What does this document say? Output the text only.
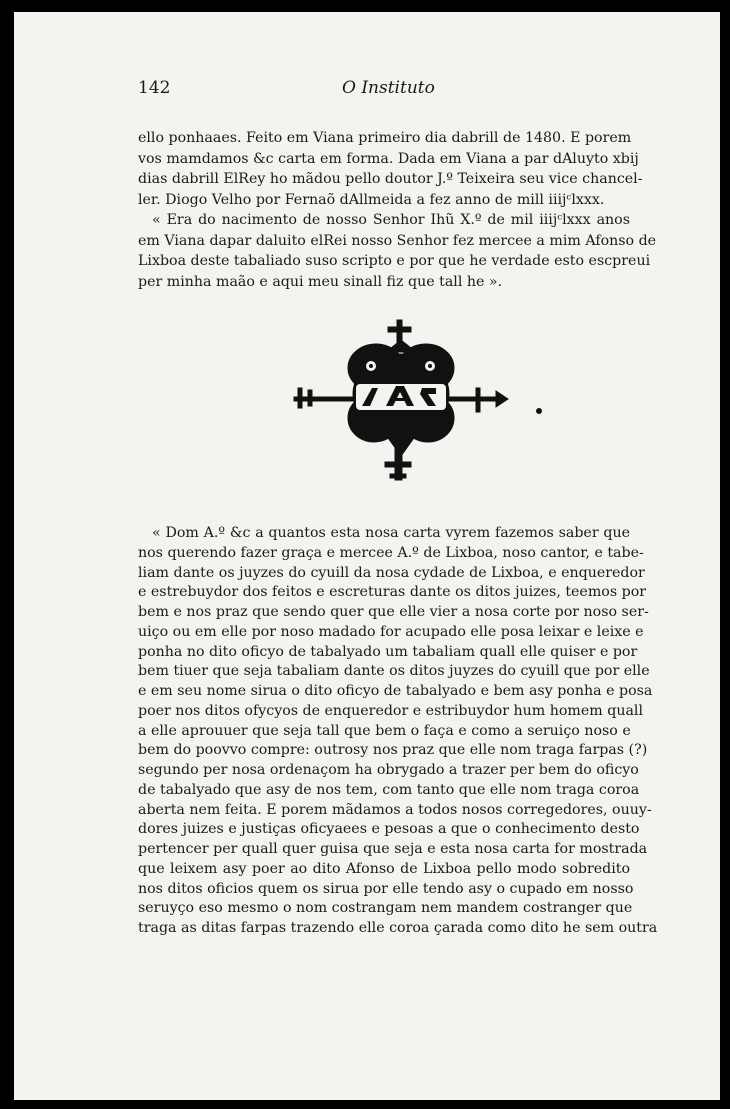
142	O Instituto
ello ponhaaes. Feito em Viana primeiro dia dabrill de 1480. E porem
vos mamdamos &c carta em forma. Dada em Viana a par dAluyto xbij
dias dabrill ElRey ho mãdou pello doutor J.º Teixeira seu vice chancel-
ler. Diogo Velho por Fernaõ dAllmeida a fez anno de mill iiijᶜlxxx.
« Era do nacimento de nosso Senhor Ihũ X.º de mil iiijᶜlxxx anos
em Viana dapar daluito elRei nosso Senhor fez mercee a mim Afonso de
Lixboa deste tabaliado suso scripto e por que he verdade esto escpreui
per minha maão e aqui meu sinall fiz que tall he ».
« Dom A.º &c a quantos esta nosa carta vyrem fazemos saber que
nos querendo fazer graça e mercee A.º de Lixboa, noso cantor, e tabe-
liam dante os juyzes do cyuill da nosa cydade de Lixboa, e enqueredor
e estrebuydor dos feitos e escreturas dante os ditos juizes, teemos por
bem e nos praz que sendo quer que elle vier a nosa corte por noso ser-
uiço ou em elle por noso madado for acupado elle posa leixar e leixe e
ponha no dito oficyo de tabalyado um tabaliam quall elle quiser e por
bem tiuer que seja tabaliam dante os ditos juyzes do cyuill que por elle
e em seu nome sirua o dito oficyo de tabalyado e bem asy ponha e posa
poer nos ditos ofycyos de enqueredor e estribuydor hum homem quall
a elle aprouuer que seja tall que bem o faça e como a seruiço noso e
bem do poovvo compre: outrosy nos praz que elle nom traga farpas (?)
segundo per nosa ordenaçom ha obrygado a trazer per bem do oficyo
de tabalyado que asy de nos tem, com tanto que elle nom traga coroa
aberta nem feita. E porem mãdamos a todos nosos corregedores, ouuy-
dores juizes e justiças oficyaees e pesoas a que o conhecimento desto
pertencer per quall quer guisa que seja e esta nosa carta for mostrada
que leixem asy poer ao dito Afonso de Lixboa pello modo sobredito
nos ditos oficios quem os sirua por elle tendo asy o cupado em nosso
seruyço eso mesmo o nom costrangam nem mandem costranger que
traga as ditas farpas trazendo elle coroa çarada como dito he sem outra
